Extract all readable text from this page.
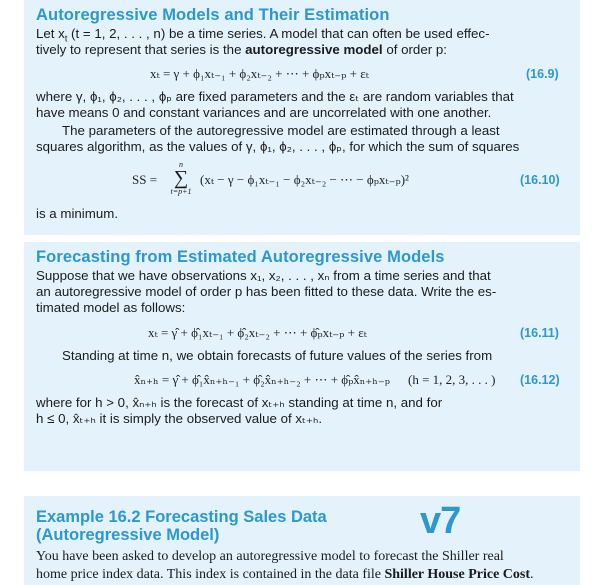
Autoregressive Models and Their Estimation
Let $x_t$ (t = 1, 2, . . . , n) be a time series. A model that can often be used effec-
tively to represent that series is the autoregressive model of order p:
xₜ = γ + ϕ₁xₜ₋₁ + ϕ₂xₜ₋₂ + ⋯ + ϕₚxₜ₋ₚ + εₜ	(16.9)
where γ, ϕ₁, ϕ₂, . . . , ϕₚ are fixed parameters and the εₜ are random variables that
have means 0 and constant variances and are uncorrelated with one another.
The parameters of the autoregressive model are estimated through a least
squares algorithm, as the values of γ, ϕ₁, ϕ₂, . . . , ϕₚ, for which the sum of squares
SS =
n
∑
t=p+1
(xₜ − γ − ϕ₁xₜ₋₁ − ϕ₂xₜ₋₂ − ⋯ − ϕₚxₜ₋ₚ)²	(16.10)
is a minimum.
Forecasting from Estimated Autoregressive Models
Suppose that we have observations x₁, x₂, . . . , xₙ from a time series and that
an autoregressive model of order p has been fitted to these data. Write the es-
timated model as follows:
xₜ = γ̂ + ϕ̂₁xₜ₋₁ + ϕ̂₂xₜ₋₂ + ⋯ + ϕ̂ₚxₜ₋ₚ + εₜ	(16.11)
Standing at time n, we obtain forecasts of future values of the series from
x̂ₙ₊ₕ = γ̂ + ϕ̂₁x̂ₙ₊ₕ₋₁ + ϕ̂₂x̂ₙ₊ₕ₋₂ + ⋯ + ϕ̂ₚx̂ₙ₊ₕ₋ₚ (h = 1, 2, 3, . . . ) (16.12)
where for h > 0, x̂ₙ₊ₕ is the forecast of xₜ₊ₕ standing at time n, and for
h ≤ 0, x̂ₜ₊ₕ it is simply the observed value of xₜ₊ₕ.
Example 16.2 Forecasting Sales Data
(Autoregressive Model)	v7
You have been asked to develop an autoregressive model to forecast the Shiller real
home price index data. This index is contained in the data file Shiller House Price Cost.
